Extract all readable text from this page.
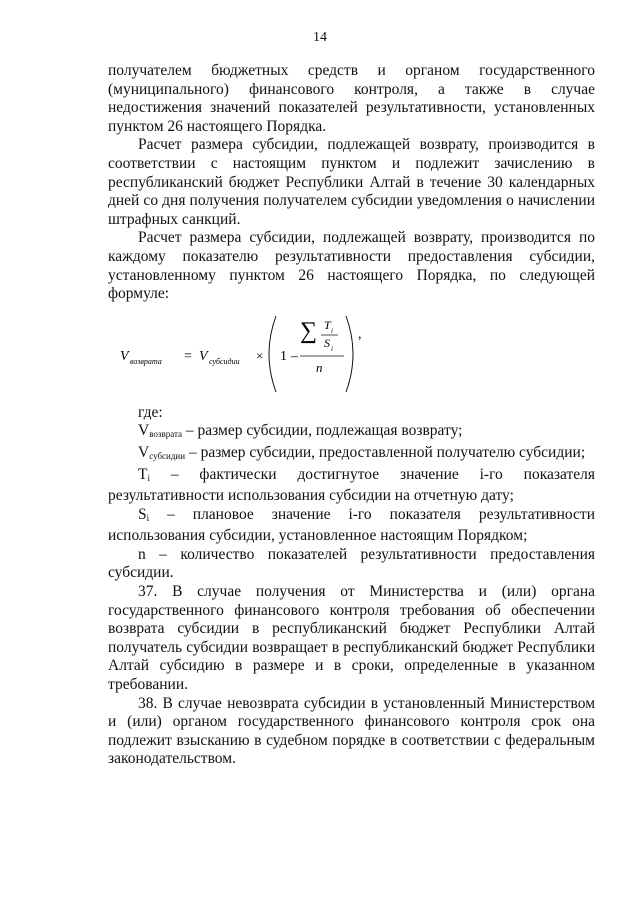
14

получателем бюджетных средств и органом государственного (муниципального) финансового контроля, а также в случае недостижения значений показателей результативности, установленных пунктом 26 настоящего Порядка.

Расчет размера субсидии, подлежащей возврату, производится в соответствии с настоящим пунктом и подлежит зачислению в республиканский бюджет Республики Алтай в течение 30 календарных дней со дня получения получателем субсидии уведомления о начислении штрафных санкций.

Расчет размера субсидии, подлежащей возврату, производится по каждому показателю результативности предоставления субсидии, установленному пунктом 26 настоящего Порядка, по следующей формуле:

V возврата = V субсидии × 1 –
∑ T i
S i
n
,

где:

$V_{возврата}$ – размер субсидии, подлежащая возврату;

$V_{субсидии}$ – размер субсидии, предоставленной получателю субсидии;

$T_i$ – фактически достигнутое значение i-го показателя результативности использования субсидии на отчетную дату;

$S_i$ – плановое значение i-го показателя результативности использования субсидии, установленное настоящим Порядком;

n – количество показателей результативности предоставления субсидии.

37. В случае получения от Министерства и (или) органа государственного финансового контроля требования об обеспечении возврата субсидии в республиканский бюджет Республики Алтай получатель субсидии возвращает в республиканский бюджет Республики Алтай субсидию в размере и в сроки, определенные в указанном требовании.

38. В случае невозврата субсидии в установленный Министерством и (или) органом государственного финансового контроля срок она подлежит взысканию в судебном порядке в соответствии с федеральным законодательством.
